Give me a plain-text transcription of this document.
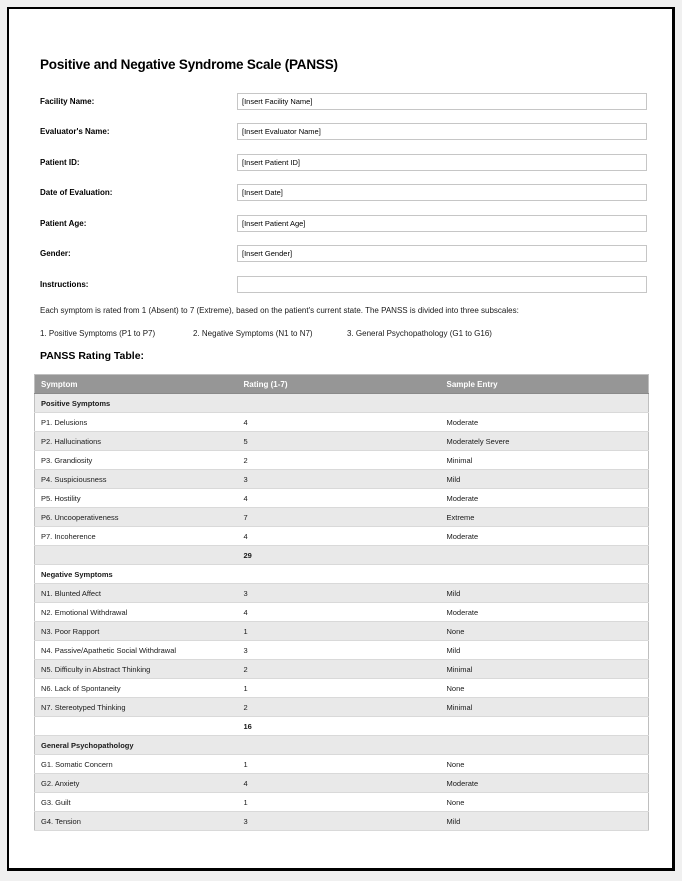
Positive and Negative Syndrome Scale (PANSS)
Facility Name:
[Insert Facility Name]
Evaluator's Name:
[Insert Evaluator Name]
Patient ID:
[Insert Patient ID]
Date of Evaluation:
[Insert Date]
Patient Age:
[Insert Patient Age]
Gender:
[Insert Gender]
Instructions:
Each symptom is rated from 1 (Absent) to 7 (Extreme), based on the patient's current state. The PANSS is divided into three subscales:
1. Positive Symptoms (P1 to P7)	2. Negative Symptoms (N1 to N7)	3. General Psychopathology (G1 to G16)
PANSS Rating Table:
Symptom	Rating (1-7)	Sample Entry
Positive Symptoms		
P1. Delusions	4	Moderate
P2. Hallucinations	5	Moderately Severe
P3. Grandiosity	2	Minimal
P4. Suspiciousness	3	Mild
P5. Hostility	4	Moderate
P6. Uncooperativeness	7	Extreme
P7. Incoherence	4	Moderate
	29	
Negative Symptoms		
N1. Blunted Affect	3	Mild
N2. Emotional Withdrawal	4	Moderate
N3. Poor Rapport	1	None
N4. Passive/Apathetic Social Withdrawal	3	Mild
N5. Difficulty in Abstract Thinking	2	Minimal
N6. Lack of Spontaneity	1	None
N7. Stereotyped Thinking	2	Minimal
	16	
General Psychopathology		
G1. Somatic Concern	1	None
G2. Anxiety	4	Moderate
G3. Guilt	1	None
G4. Tension	3	Mild
